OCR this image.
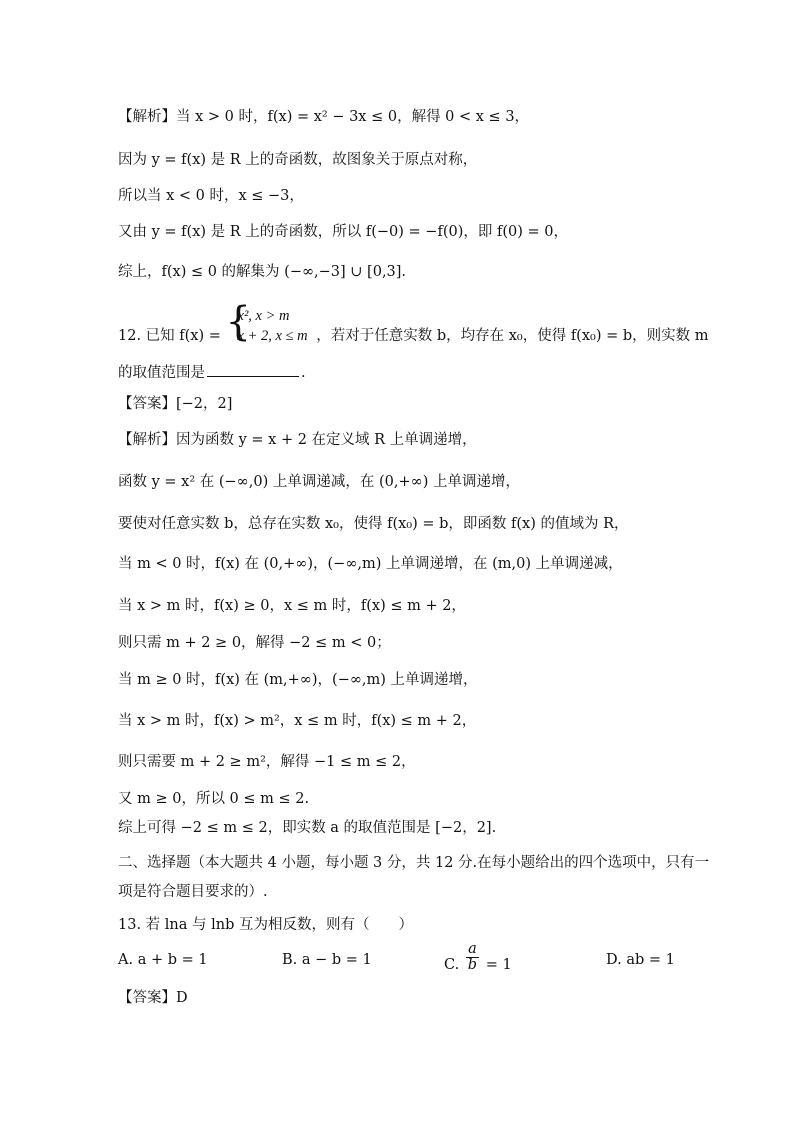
【解析】当 x > 0 时，f(x) = x² − 3x ≤ 0，解得 0 < x ≤ 3，
因为 y = f(x) 是 R 上的奇函数，故图象关于原点对称，
所以当 x < 0 时，x ≤ −3，
又由 y = f(x) 是 R 上的奇函数，所以 f(−0) = −f(0)，即 f(0) = 0，
综上，f(x) ≤ 0 的解集为 (−∞,−3] ∪ [0,3].
12. 已知 f(x) =
{ x², x > m
x + 2, x ≤ m ，若对于任意实数 b，均存在 x₀，使得 f(x₀) = b，则实数 m
的取值范围是	.
【答案】[−2，2]
【解析】因为函数 y = x + 2 在定义域 R 上单调递增，
函数 y = x² 在 (−∞,0) 上单调递减，在 (0,+∞) 上单调递增，
要使对任意实数 b，总存在实数 x₀，使得 f(x₀) = b，即函数 f(x) 的值域为 R，
当 m < 0 时，f(x) 在 (0,+∞)，(−∞,m) 上单调递增，在 (m,0) 上单调递减，
当 x > m 时，f(x) ≥ 0，x ≤ m 时，f(x) ≤ m + 2，
则只需 m + 2 ≥ 0，解得 −2 ≤ m < 0；
当 m ≥ 0 时，f(x) 在 (m,+∞)，(−∞,m) 上单调递增，
当 x > m 时，f(x) > m²，x ≤ m 时，f(x) ≤ m + 2，
则只需要 m + 2 ≥ m²，解得 −1 ≤ m ≤ 2，
又 m ≥ 0，所以 0 ≤ m ≤ 2.
综上可得 −2 ≤ m ≤ 2，即实数 a 的取值范围是 [−2，2].
二、选择题（本大题共 4 小题，每小题 3 分，共 12 分.在每小题给出的四个选项中，只有一
项是符合题目要求的）.
13. 若 lna 与 lnb 互为相反数，则有（　　）
A. a + b = 1	B. a − b = 1	C. $\frac{a}{b} = 1$	D. ab = 1
【答案】D
